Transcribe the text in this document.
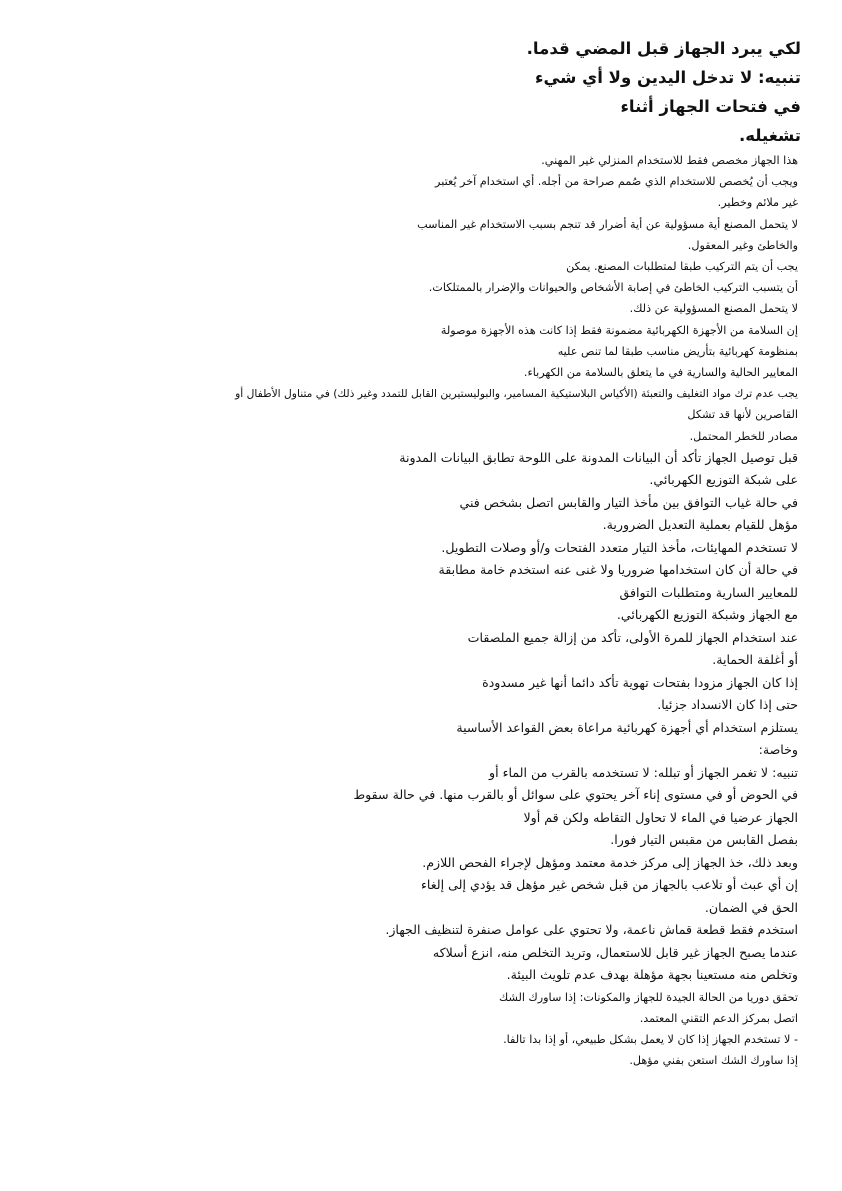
لكي يبرد الجهاز قبل المضي قدما.
تنبيه: لا تدخل اليدين ولا أي شيء
في فتحات الجهاز أثناء
تشغيله.
هذا الجهاز مخصص فقط للاستخدام المنزلي غير المهني.
ويجب أن يُخصص للاستخدام الذي صُمم صراحة من أجله. أي استخدام آخر يُعتبر
غير ملائم وخطير.
لا يتحمل المصنع أية مسؤولية عن أية أضرار قد تنجم بسبب الاستخدام غير المناسب
والخاطئ وغير المعقول.
يجب أن يتم التركيب طبقا لمتطلبات المصنع. يمكن
أن يتسبب التركيب الخاطئ في إصابة الأشخاص والحيوانات والإضرار بالممتلكات.
لا يتحمل المصنع المسؤولية عن ذلك.
إن السلامة من الأجهزة الكهربائية مضمونة فقط إذا كانت هذه الأجهزة موصولة
بمنظومة كهربائية بتأريض مناسب طبقا لما تنص عليه
المعايير الحالية والسارية في ما يتعلق بالسلامة من الكهرباء.
يجب عدم ترك مواد التغليف والتعبئة (الأكياس البلاستيكية المسامير، والبوليستيرين القابل للتمدد وغير ذلك) في متناول الأطفال أو
القاصرين لأنها قد تشكل
مصادر للخطر المحتمل.
قبل توصيل الجهاز تأكد أن البيانات المدونة على اللوحة تطابق البيانات المدونة
على شبكة التوزيع الكهربائي.
في حالة غياب التوافق بين مأخذ التيار والقابس اتصل بشخص فني
مؤهل للقيام بعملية التعديل الضرورية.
لا تستخدم المهايئات، مأخذ التيار متعدد الفتحات و/أو وصلات التطويل.
في حالة أن كان استخدامها ضروريا ولا غنى عنه استخدم خامة مطابقة
للمعايير السارية ومتطلبات التوافق
مع الجهاز وشبكة التوزيع الكهربائي.
عند استخدام الجهاز للمرة الأولى، تأكد من إزالة جميع الملصقات
أو أغلفة الحماية.
إذا كان الجهاز مزودا بفتحات تهوية تأكد دائما أنها غير مسدودة
حتى إذا كان الانسداد جزئيا.
يستلزم استخدام أي أجهزة كهربائية مراعاة بعض القواعد الأساسية
وخاصة:
تنبيه: لا تغمر الجهاز أو تبلله: لا تستخدمه بالقرب من الماء أو
في الحوض أو في مستوى إناء آخر يحتوي على سوائل أو بالقرب منها. في حالة سقوط
الجهاز عرضيا في الماء لا تحاول التقاطه ولكن قم أولا
بفصل القابس من مقبس التيار فورا.
وبعد ذلك، خذ الجهاز إلى مركز خدمة معتمد ومؤهل لإجراء الفحص اللازم.
إن أي عبث أو تلاعب بالجهاز من قبل شخص غير مؤهل قد يؤدي إلى إلغاء
الحق في الضمان.
استخدم فقط قطعة قماش ناعمة، ولا تحتوي على عوامل صنفرة لتنظيف الجهاز.
عندما يصبح الجهاز غير قابل للاستعمال، وتريد التخلص منه، انزع أسلاكه
وتخلص منه مستعينا بجهة مؤهلة بهدف عدم تلويث البيئة.
تحقق دوريا من الحالة الجيدة للجهاز والمكونات: إذا ساورك الشك
اتصل بمركز الدعم التقني المعتمد.
- لا تستخدم الجهاز إذا كان لا يعمل بشكل طبيعي، أو إذا بدا تالفا.
إذا ساورك الشك استعن بفني مؤهل.
